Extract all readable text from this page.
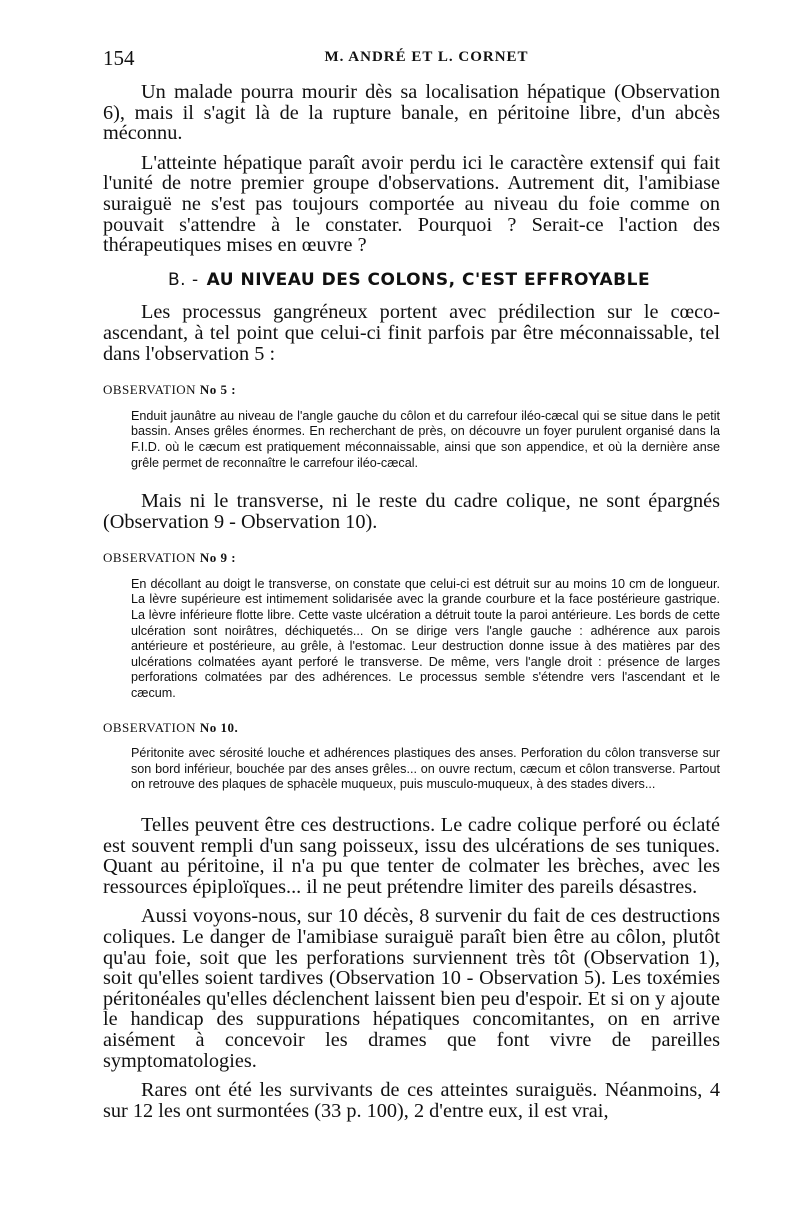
154	M. ANDRÉ ET L. CORNET

Un malade pourra mourir dès sa localisation hépatique (Observation 6), mais il s'agit là de la rupture banale, en péritoine libre, d'un abcès méconnu.

L'atteinte hépatique paraît avoir perdu ici le caractère extensif qui fait l'unité de notre premier groupe d'observations. Autrement dit, l'amibiase suraiguë ne s'est pas toujours comportée au niveau du foie comme on pouvait s'attendre à le constater. Pourquoi ? Serait-ce l'action des thérapeutiques mises en œuvre ?

B. - AU NIVEAU DES COLONS, C'EST EFFROYABLE

Les processus gangréneux portent avec prédilection sur le cœco-ascendant, à tel point que celui-ci finit parfois par être méconnaissable, tel dans l'observation 5 :

OBSERVATION No 5 :
Enduit jaunâtre au niveau de l'angle gauche du côlon et du carrefour iléo-cæcal qui se situe dans le petit bassin. Anses grêles énormes. En recherchant de près, on découvre un foyer purulent organisé dans la F.I.D. où le cæcum est pratiquement méconnaissable, ainsi que son appendice, et où la dernière anse grêle permet de reconnaître le carrefour iléo-cæcal.

Mais ni le transverse, ni le reste du cadre colique, ne sont épargnés (Observation 9 - Observation 10).

OBSERVATION No 9 :
En décollant au doigt le transverse, on constate que celui-ci est détruit sur au moins 10 cm de longueur. La lèvre supérieure est intimement solidarisée avec la grande courbure et la face postérieure gastrique. La lèvre inférieure flotte libre. Cette vaste ulcération a détruit toute la paroi antérieure. Les bords de cette ulcération sont noirâtres, déchiquetés... On se dirige vers l'angle gauche : adhérence aux parois antérieure et postérieure, au grêle, à l'estomac. Leur destruction donne issue à des matières par des ulcérations colmatées ayant perforé le transverse. De même, vers l'angle droit : présence de larges perforations colmatées par des adhérences. Le processus semble s'étendre vers l'ascendant et le cæcum.
OBSERVATION No 10.
Péritonite avec sérosité louche et adhérences plastiques des anses. Perforation du côlon transverse sur son bord inférieur, bouchée par des anses grêles... on ouvre rectum, cæcum et côlon transverse. Partout on retrouve des plaques de sphacèle muqueux, puis musculo-muqueux, à des stades divers...

Telles peuvent être ces destructions. Le cadre colique perforé ou éclaté est souvent rempli d'un sang poisseux, issu des ulcérations de ses tuniques. Quant au péritoine, il n'a pu que tenter de colmater les brèches, avec les ressources épiploïques... il ne peut prétendre limiter des pareils désastres.

Aussi voyons-nous, sur 10 décès, 8 survenir du fait de ces destructions coliques. Le danger de l'amibiase suraiguë paraît bien être au côlon, plutôt qu'au foie, soit que les perforations surviennent très tôt (Observation 1), soit qu'elles soient tardives (Observation 10 - Observation 5). Les toxémies péritonéales qu'elles déclenchent laissent bien peu d'espoir. Et si on y ajoute le handicap des suppurations hépatiques concomitantes, on en arrive aisément à concevoir les drames que font vivre de pareilles symptomatologies.

Rares ont été les survivants de ces atteintes suraiguës. Néanmoins, 4 sur 12 les ont surmontées (33 p. 100), 2 d'entre eux, il est vrai,
